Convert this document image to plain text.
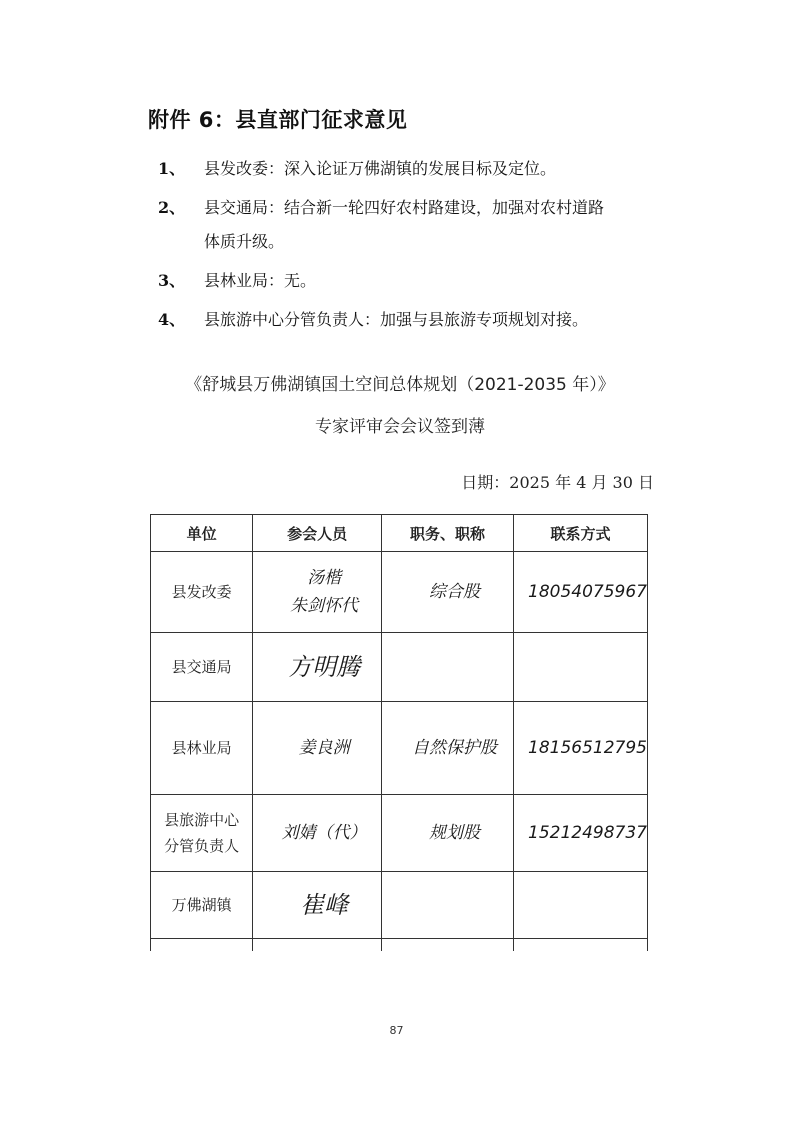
附件 6：县直部门征求意见
1、 县发改委：深入论证万佛湖镇的发展目标及定位。
2、 县交通局：结合新一轮四好农村路建设，加强对农村道路
体质升级。
3、 县林业局：无。
4、 县旅游中心分管负责人：加强与县旅游专项规划对接。
《舒城县万佛湖镇国土空间总体规划（2021-2035 年）》
专家评审会会议签到薄
日期：2025 年 4 月 30 日
单位	参会人员	职务、职称	联系方式
县发改委	汤楷
朱剑怀代	综合股	18054075967
县交通局	方明腾		

县林业局	姜良洲	自然保护股	18156512795
县旅游中心
分管负责人	刘婧（代）	规划股	15212498737
万佛湖镇	崔峰		

87
